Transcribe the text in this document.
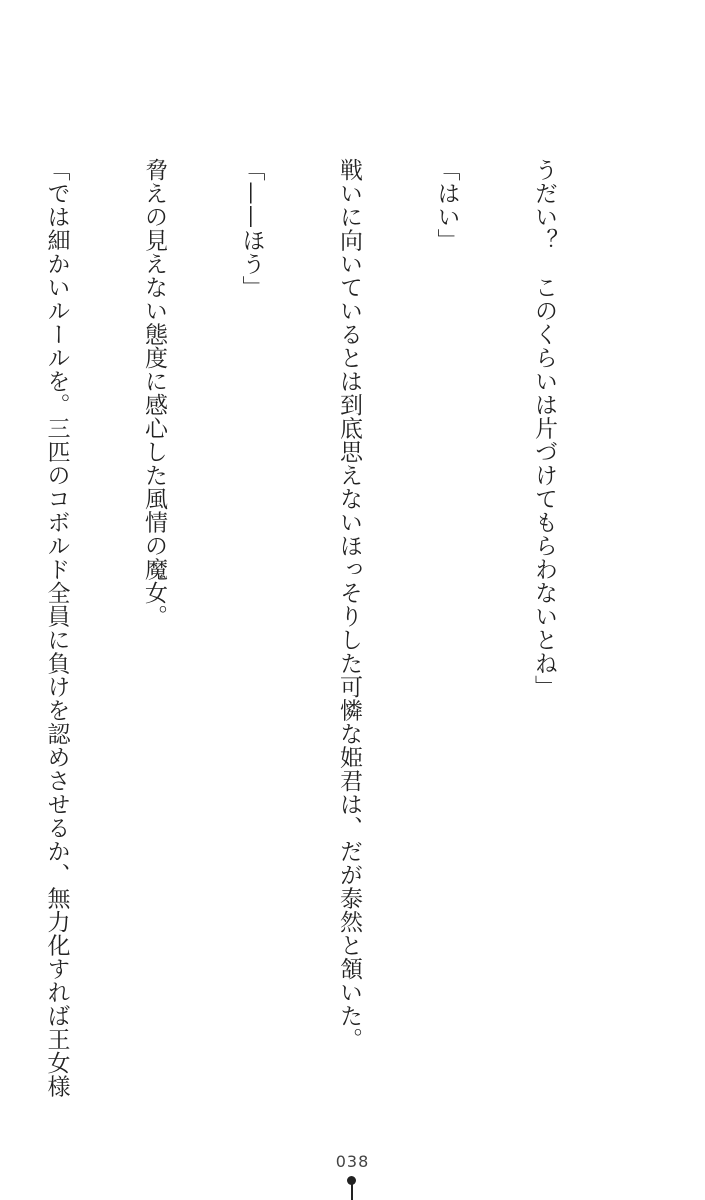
うだい？　このくらいは片づけてもらわないとね」

「はい」

戦いに向いているとは到底思えないほっそりした可憐な姫君は、だが泰然と頷いた。

「——ほう」

脅えの見えない態度に感心した風情の魔女。

「では細かいルールを。三匹のコボルド全員に負けを認めさせるか、無力化すれば王女様

038
